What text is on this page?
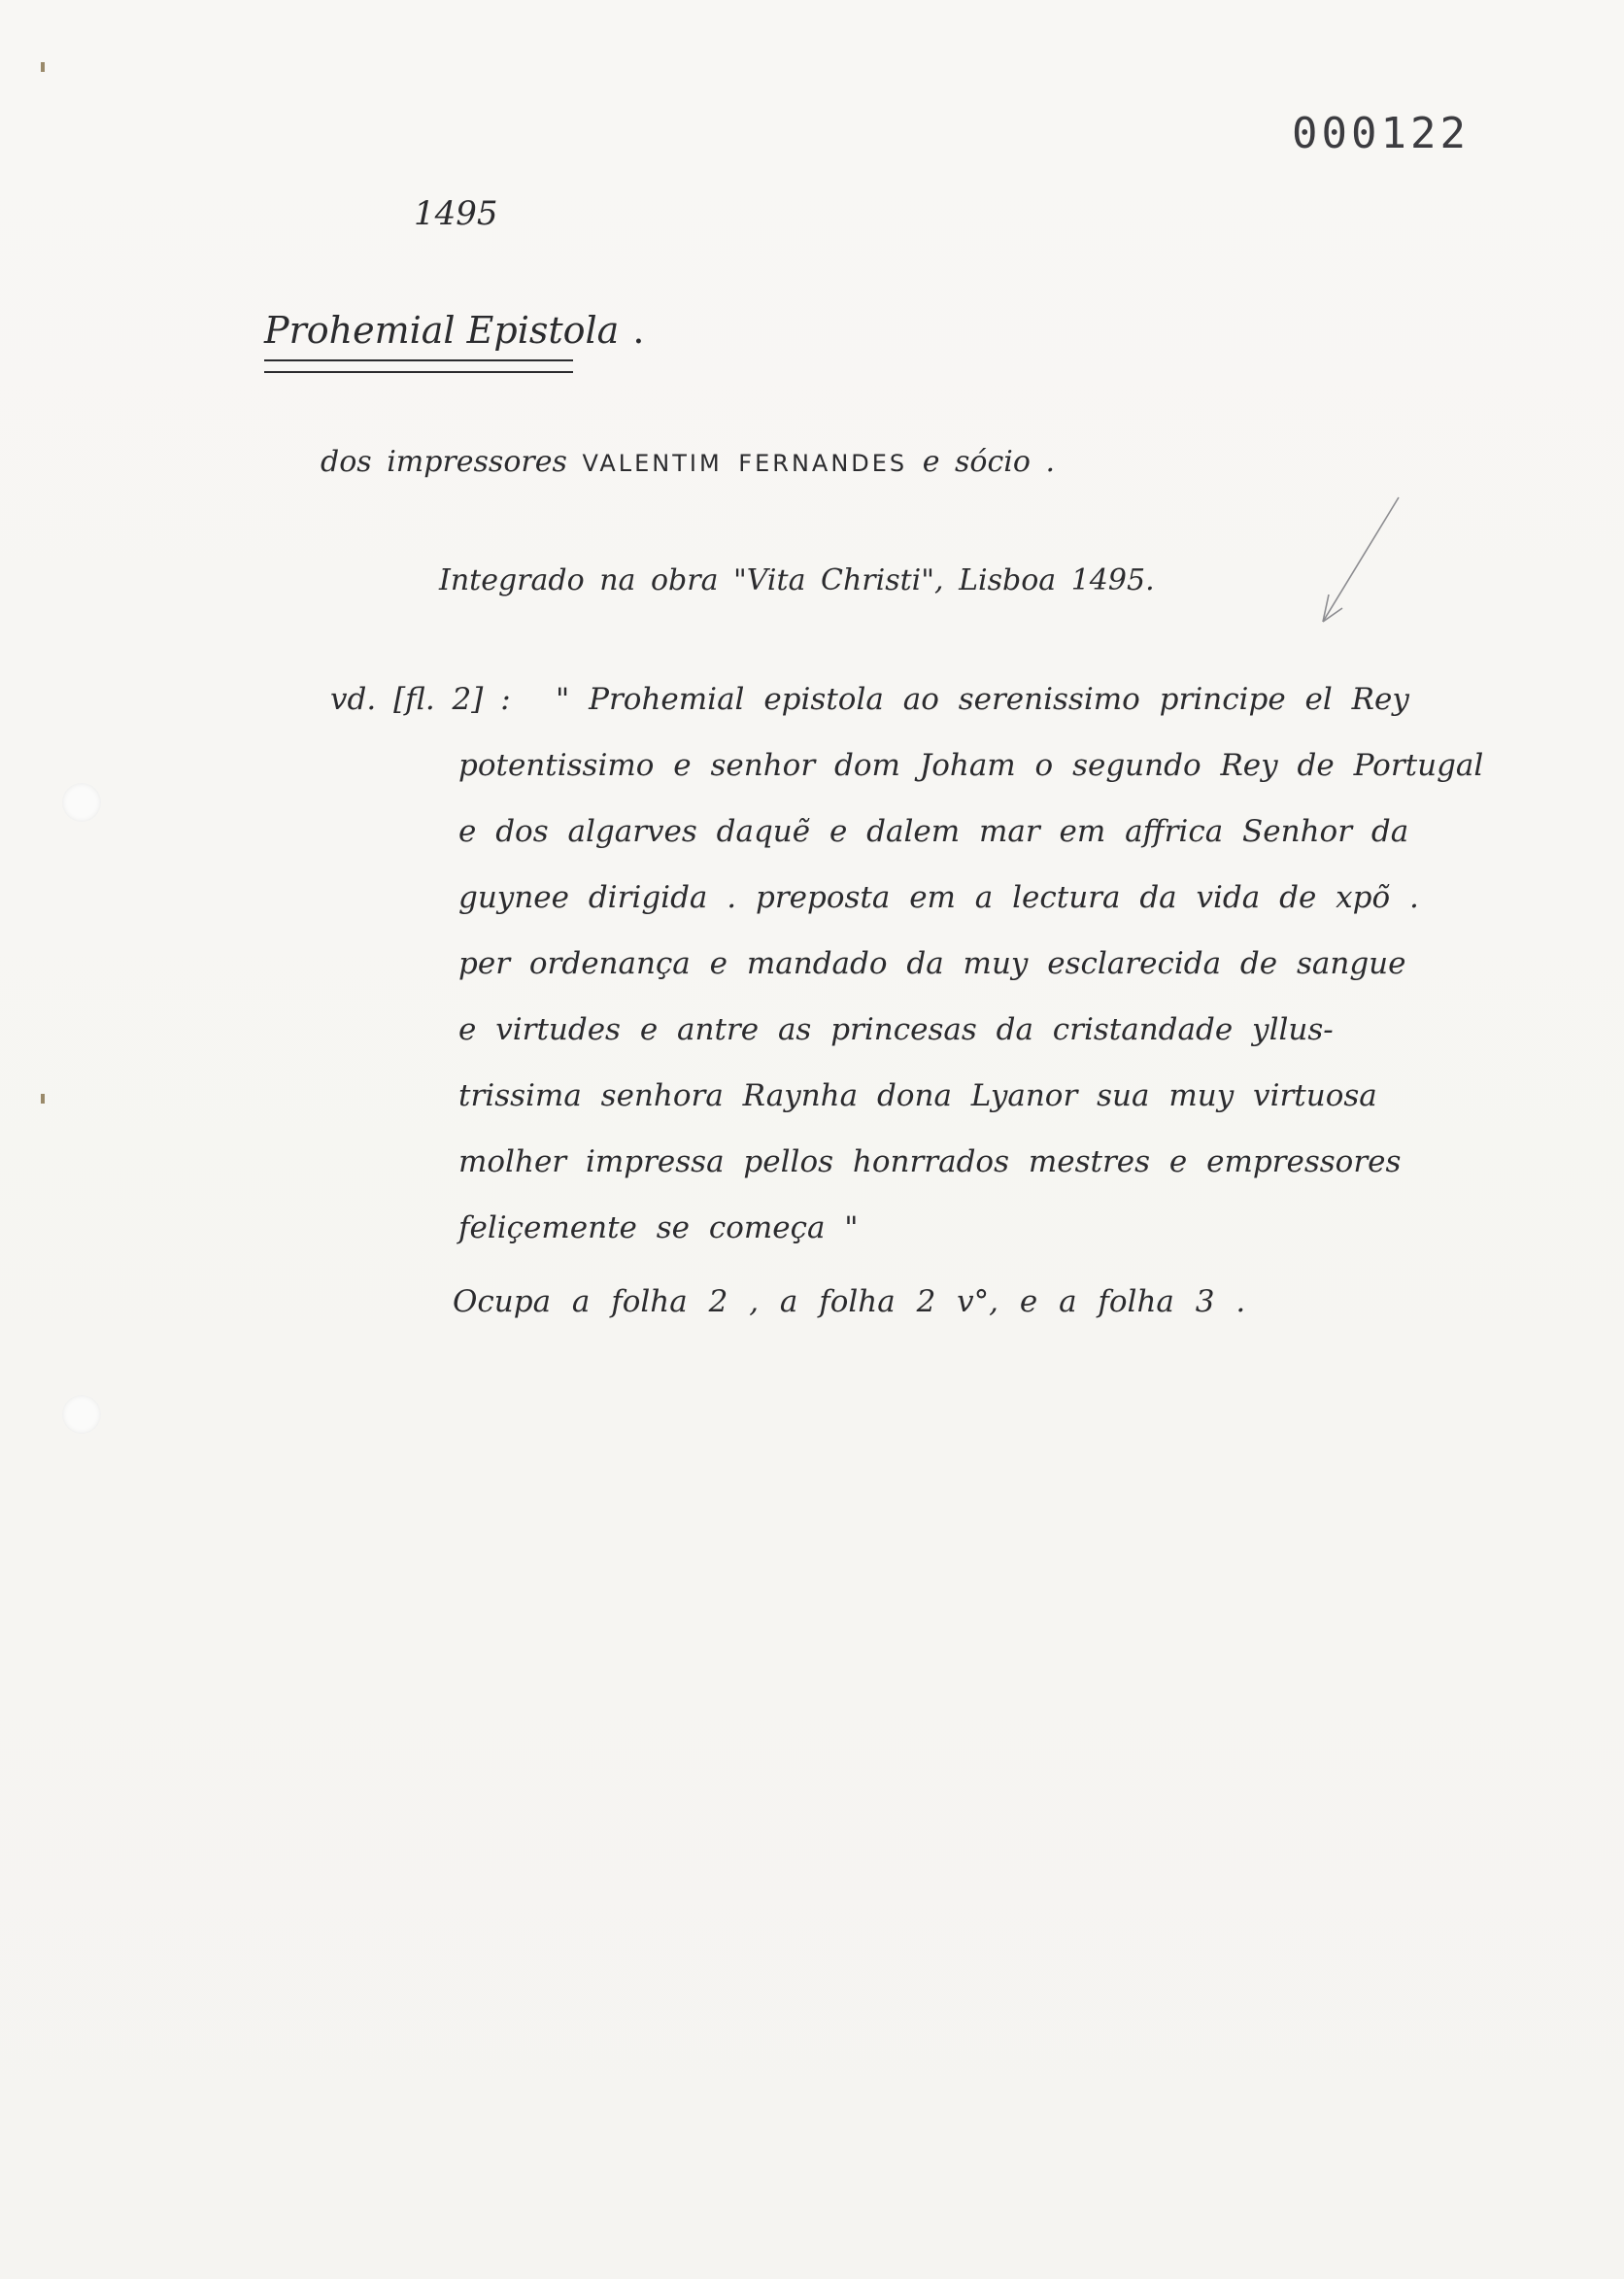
000122
1495
Prohemial Epistola .
dos impressores VALENTIM FERNANDES e sócio .
Integrado na obra "Vita Christi", Lisboa 1495.
vd. [fl. 2] : " Prohemial epistola ao serenissimo principe el Rey
potentissimo e senhor dom Joham o segundo Rey de Portugal
e dos algarves daquẽ e dalem mar em affrica Senhor da
guynee dirigida . preposta em a lectura da vida de xpõ .
per ordenança e mandado da muy esclarecida de sangue
e virtudes e antre as princesas da cristandade yllus-
trissima senhora Raynha dona Lyanor sua muy virtuosa
molher impressa pellos honrrados mestres e empressores
feliçemente se começa "
Ocupa a folha 2 , a folha 2 v°, e a folha 3 .
